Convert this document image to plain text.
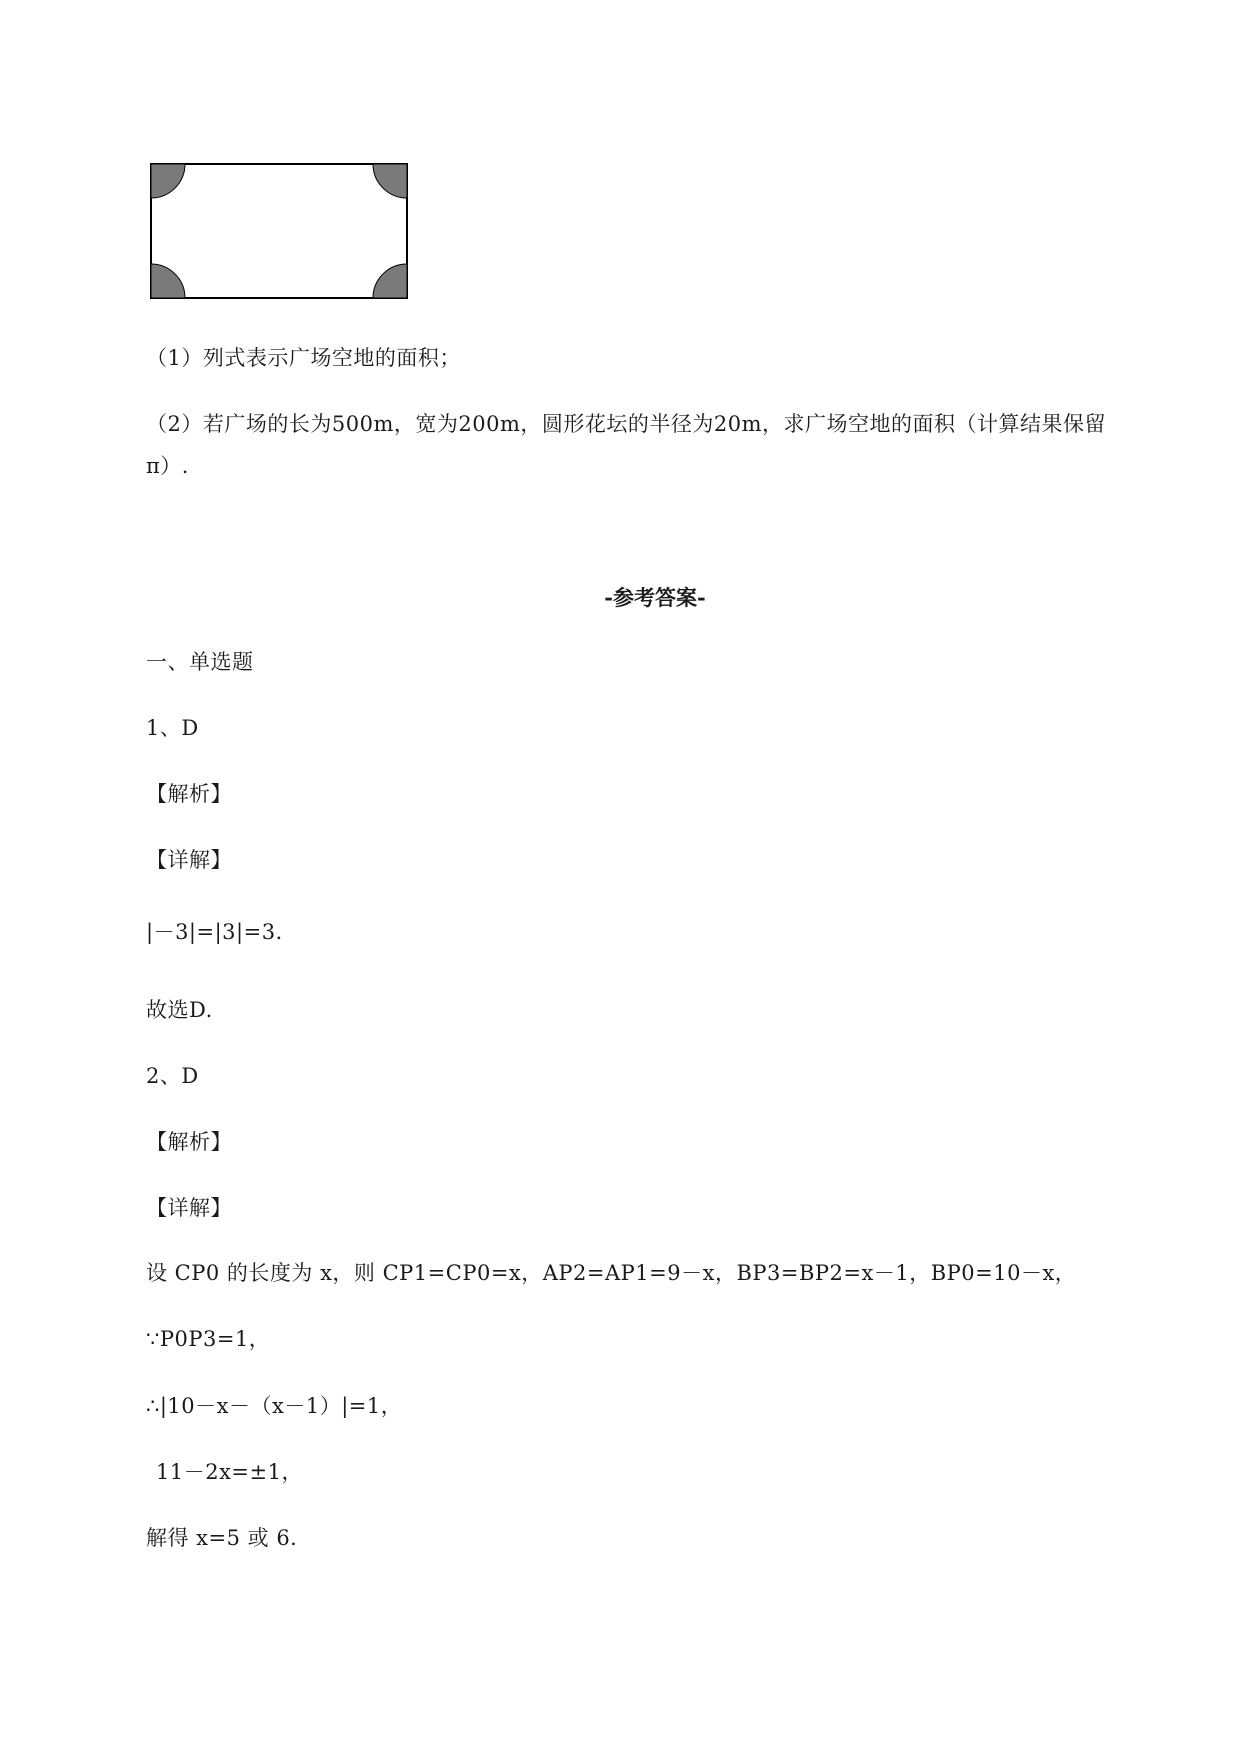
（1）列式表示广场空地的面积；
（2）若广场的长为500m，宽为200m，圆形花坛的半径为20m，求广场空地的面积（计算结果保留
π）.
-参考答案-
一、单选题
1、D
【解析】
【详解】
|－3|=|3|=3．
故选D.
2、D
【解析】
【详解】
设 CP0 的长度为 x，则 CP1=CP0=x，AP2=AP1=9－x，BP3=BP2=x－1，BP0=10－x，
∵P0P3=1，
∴|10－x－（x－1）|=1，
11－2x=±1，
解得 x=5 或 6．
